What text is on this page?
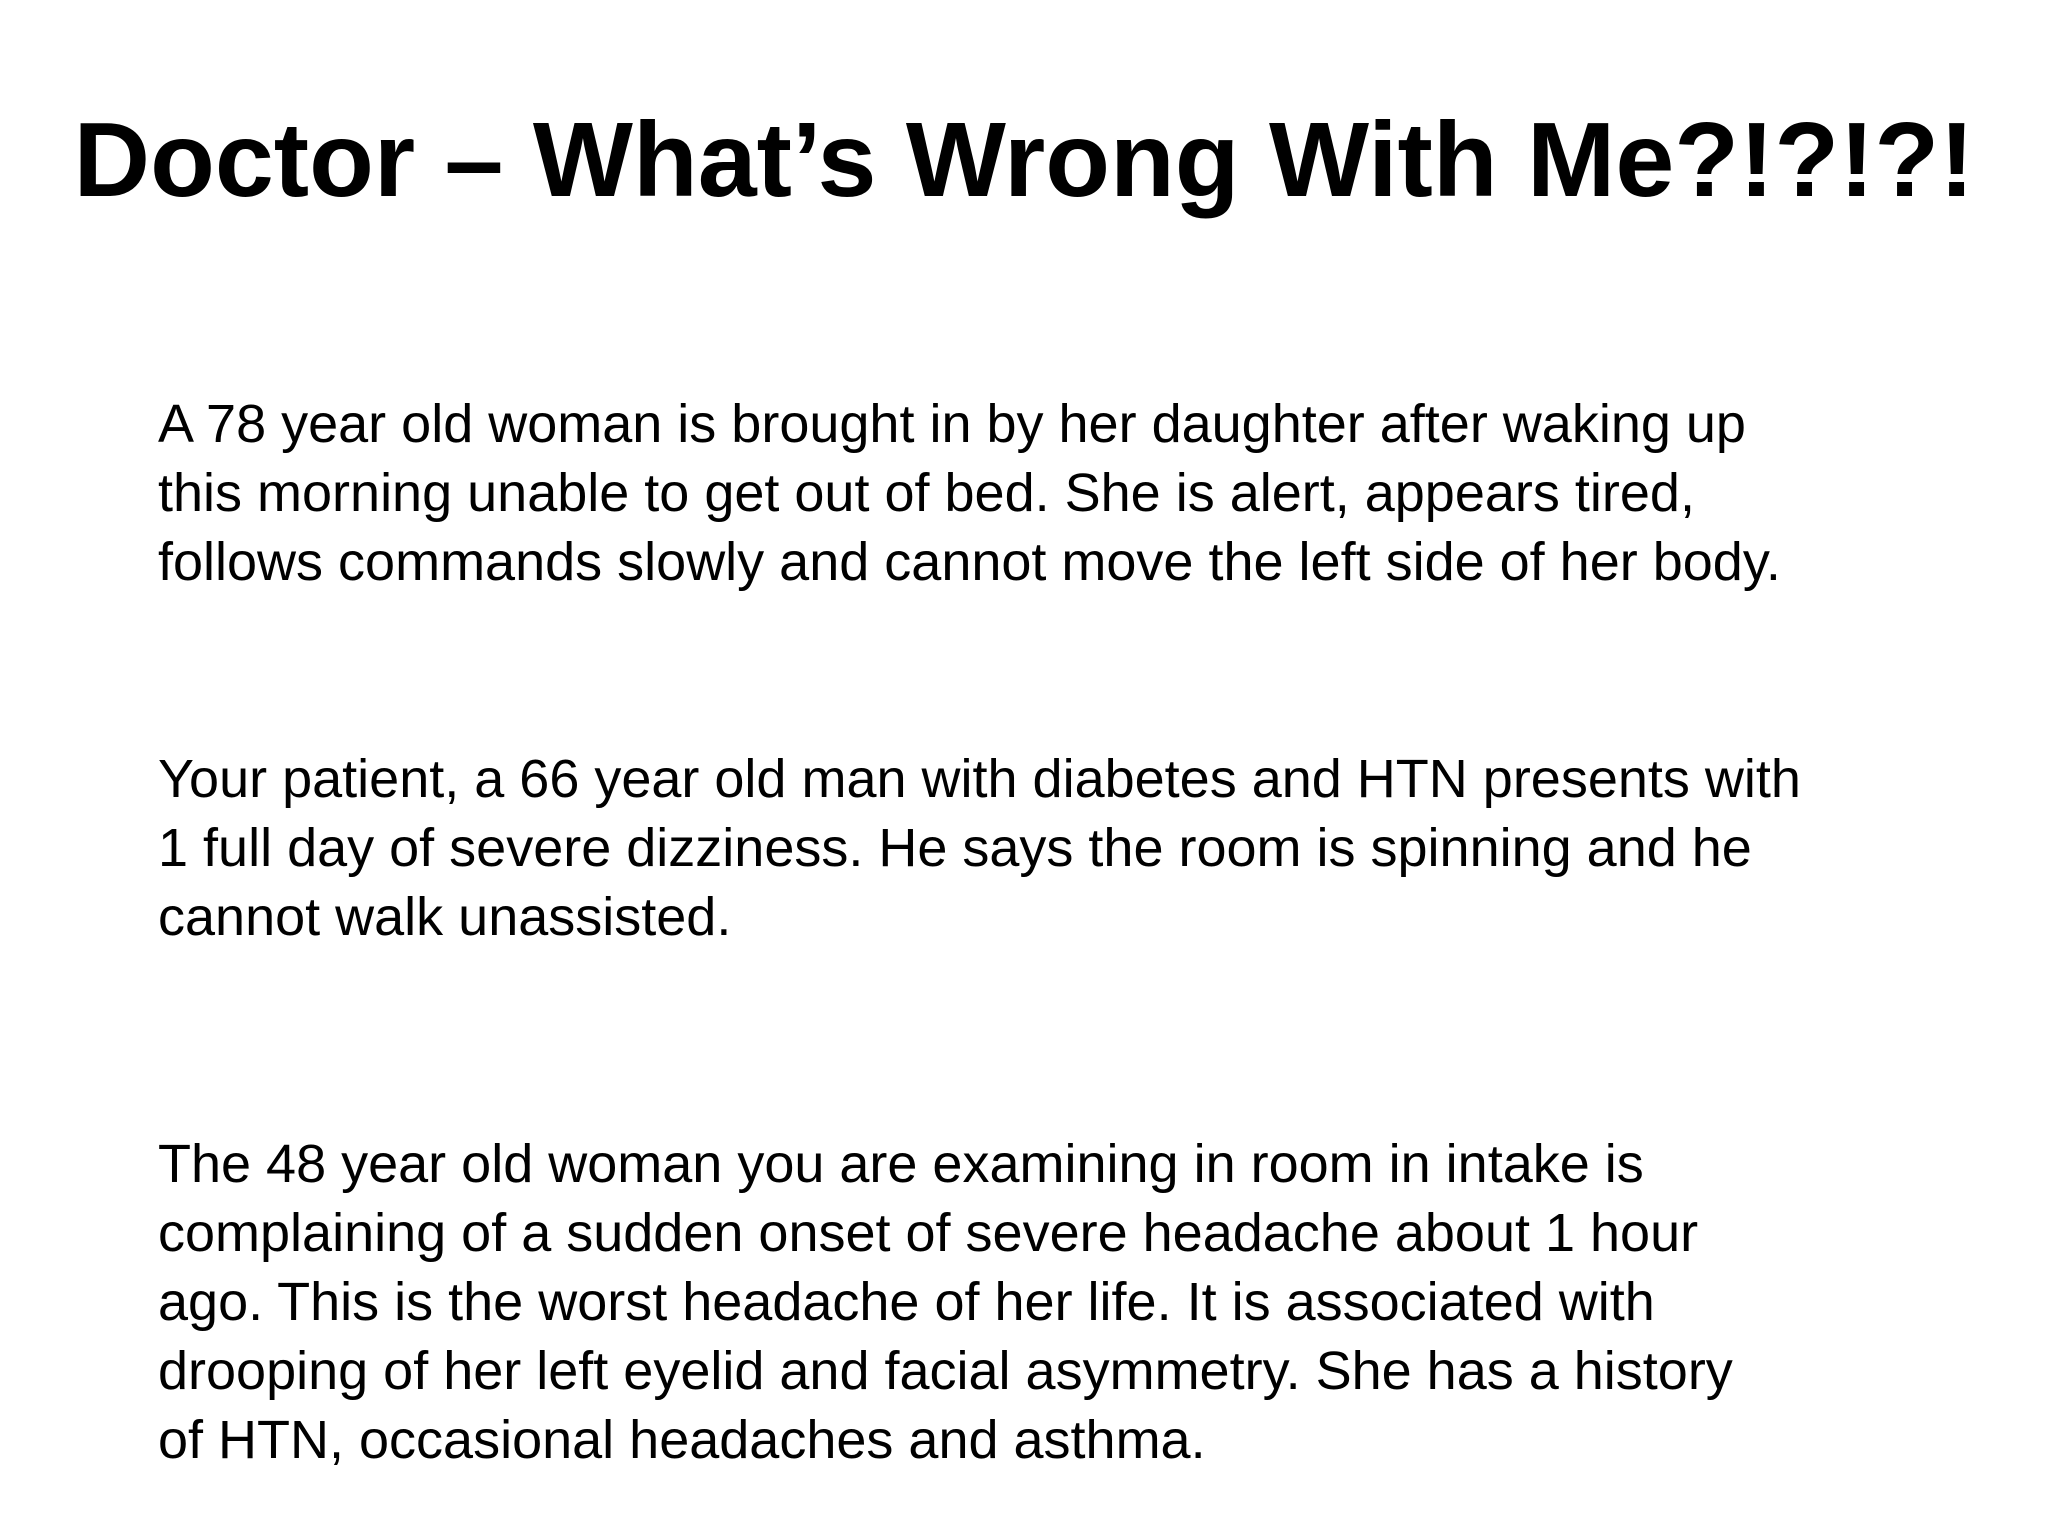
Doctor – What’s Wrong With Me?!?!?!
A 78 year old woman is brought in by her daughter after waking up
this morning unable to get out of bed. She is alert, appears tired,
follows commands slowly and cannot move the left side of her body.
Your patient, a 66 year old man with diabetes and HTN presents with
1 full day of severe dizziness. He says the room is spinning and he
cannot walk unassisted.
The 48 year old woman you are examining in room in intake is
complaining of a sudden onset of severe headache about 1 hour
ago. This is the worst headache of her life. It is associated with
drooping of her left eyelid and facial asymmetry. She has a history
of HTN, occasional headaches and asthma.
